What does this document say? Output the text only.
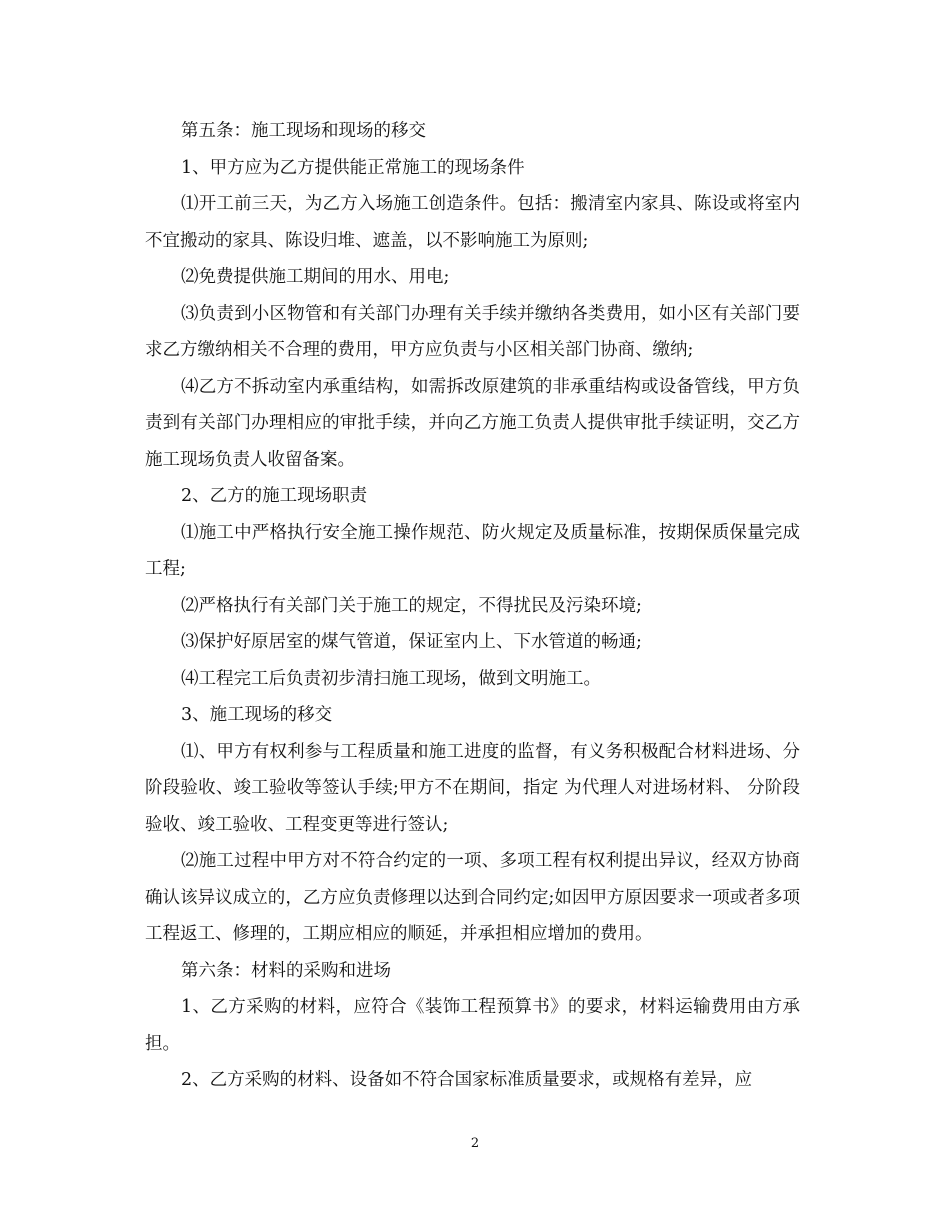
第五条：施工现场和现场的移交

1、甲方应为乙方提供能正常施工的现场条件

⑴开工前三天，为乙方入场施工创造条件。包括：搬清室内家具、陈设或将室内不宜搬动的家具、陈设归堆、遮盖，以不影响施工为原则;

⑵免费提供施工期间的用水、用电;

⑶负责到小区物管和有关部门办理有关手续并缴纳各类费用，如小区有关部门要求乙方缴纳相关不合理的费用，甲方应负责与小区相关部门协商、缴纳;

⑷乙方不拆动室内承重结构，如需拆改原建筑的非承重结构或设备管线，甲方负责到有关部门办理相应的审批手续，并向乙方施工负责人提供审批手续证明，交乙方施工现场负责人收留备案。

2、乙方的施工现场职责

⑴施工中严格执行安全施工操作规范、防火规定及质量标准，按期保质保量完成工程;

⑵严格执行有关部门关于施工的规定，不得扰民及污染环境;

⑶保护好原居室的煤气管道，保证室内上、下水管道的畅通;

⑷工程完工后负责初步清扫施工现场，做到文明施工。

3、施工现场的移交

⑴、甲方有权利参与工程质量和施工进度的监督，有义务积极配合材料进场、分阶段验收、竣工验收等签认手续;甲方不在期间，指定 为代理人对进场材料、 分阶段验收、竣工验收、工程变更等进行签认;

⑵施工过程中甲方对不符合约定的一项、多项工程有权利提出异议，经双方协商确认该异议成立的，乙方应负责修理以达到合同约定;如因甲方原因要求一项或者多项工程返工、修理的，工期应相应的顺延，并承担相应增加的费用。

第六条：材料的采购和进场

1、乙方采购的材料，应符合《装饰工程预算书》的要求，材料运输费用由方承担。

2、乙方采购的材料、设备如不符合国家标准质量要求，或规格有差异，应

2
